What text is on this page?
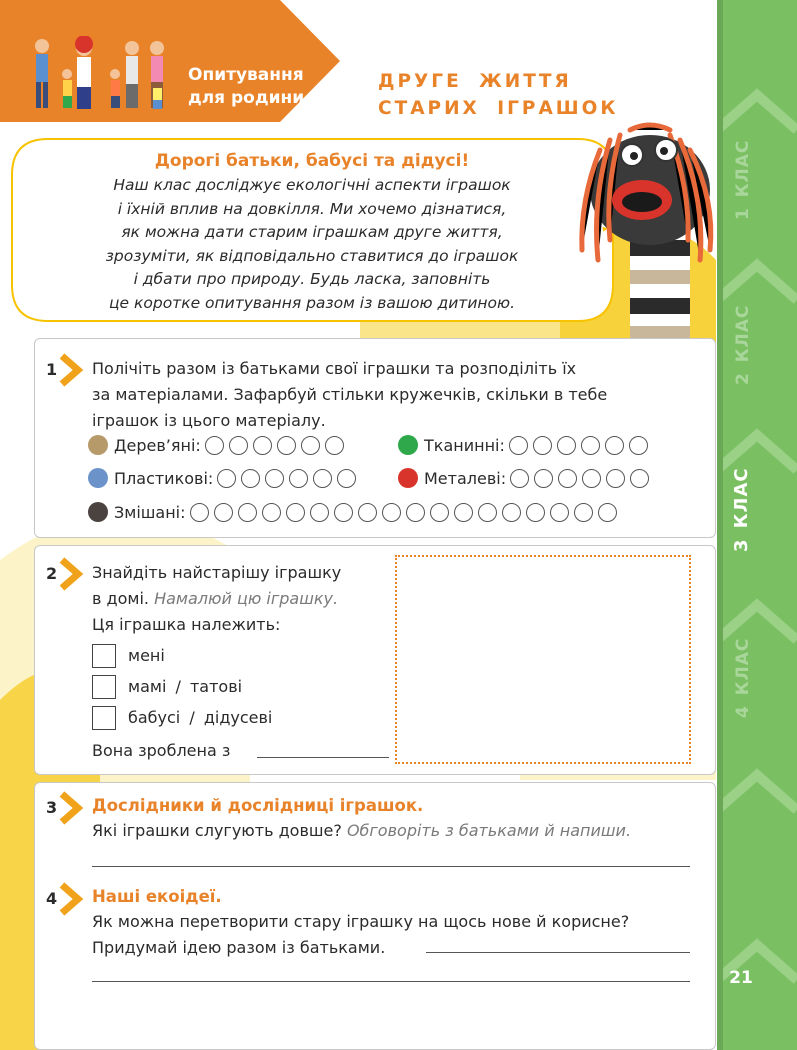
Опитування для родини
ДРУГЕ ЖИТТЯ
СТАРИХ ІГРАШОК
Дорогі батьки, бабусі та дідусі!
Наш клас досліджує екологічні аспекти іграшок
і їхній вплив на довкілля. Ми хочемо дізнатися,
як можна дати старим іграшкам друге життя,
зрозуміти, як відповідально ставитися до іграшок
і дбати про природу. Будь ласка, заповніть
це коротке опитування разом із вашою дитиною.
1 КЛАС
2 КЛАС
3 КЛАС
4 КЛАС
21
1 Полічіть разом із батьками свої іграшки та розподіліть їх
за матеріалами. Зафарбуй стільки кружечків, скільки в тебе
іграшок із цього матеріалу.
Дерев’яні:	Тканинні:
Пластикові:	Металеві:
Змішані:
2 Знайдіть найстарішу іграшку
в домі. Намалюй цю іграшку.
Ця іграшка належить:
мені
мамі / татові
бабусі / дідусеві
Вона зроблена з
3 Дослідники й дослідниці іграшок.
Які іграшки слугують довше? Обговоріть з батьками й напиши.
4 Наші екоідеї.
Як можна перетворити стару іграшку на щось нове й корисне?
Придумай ідею разом із батьками.
